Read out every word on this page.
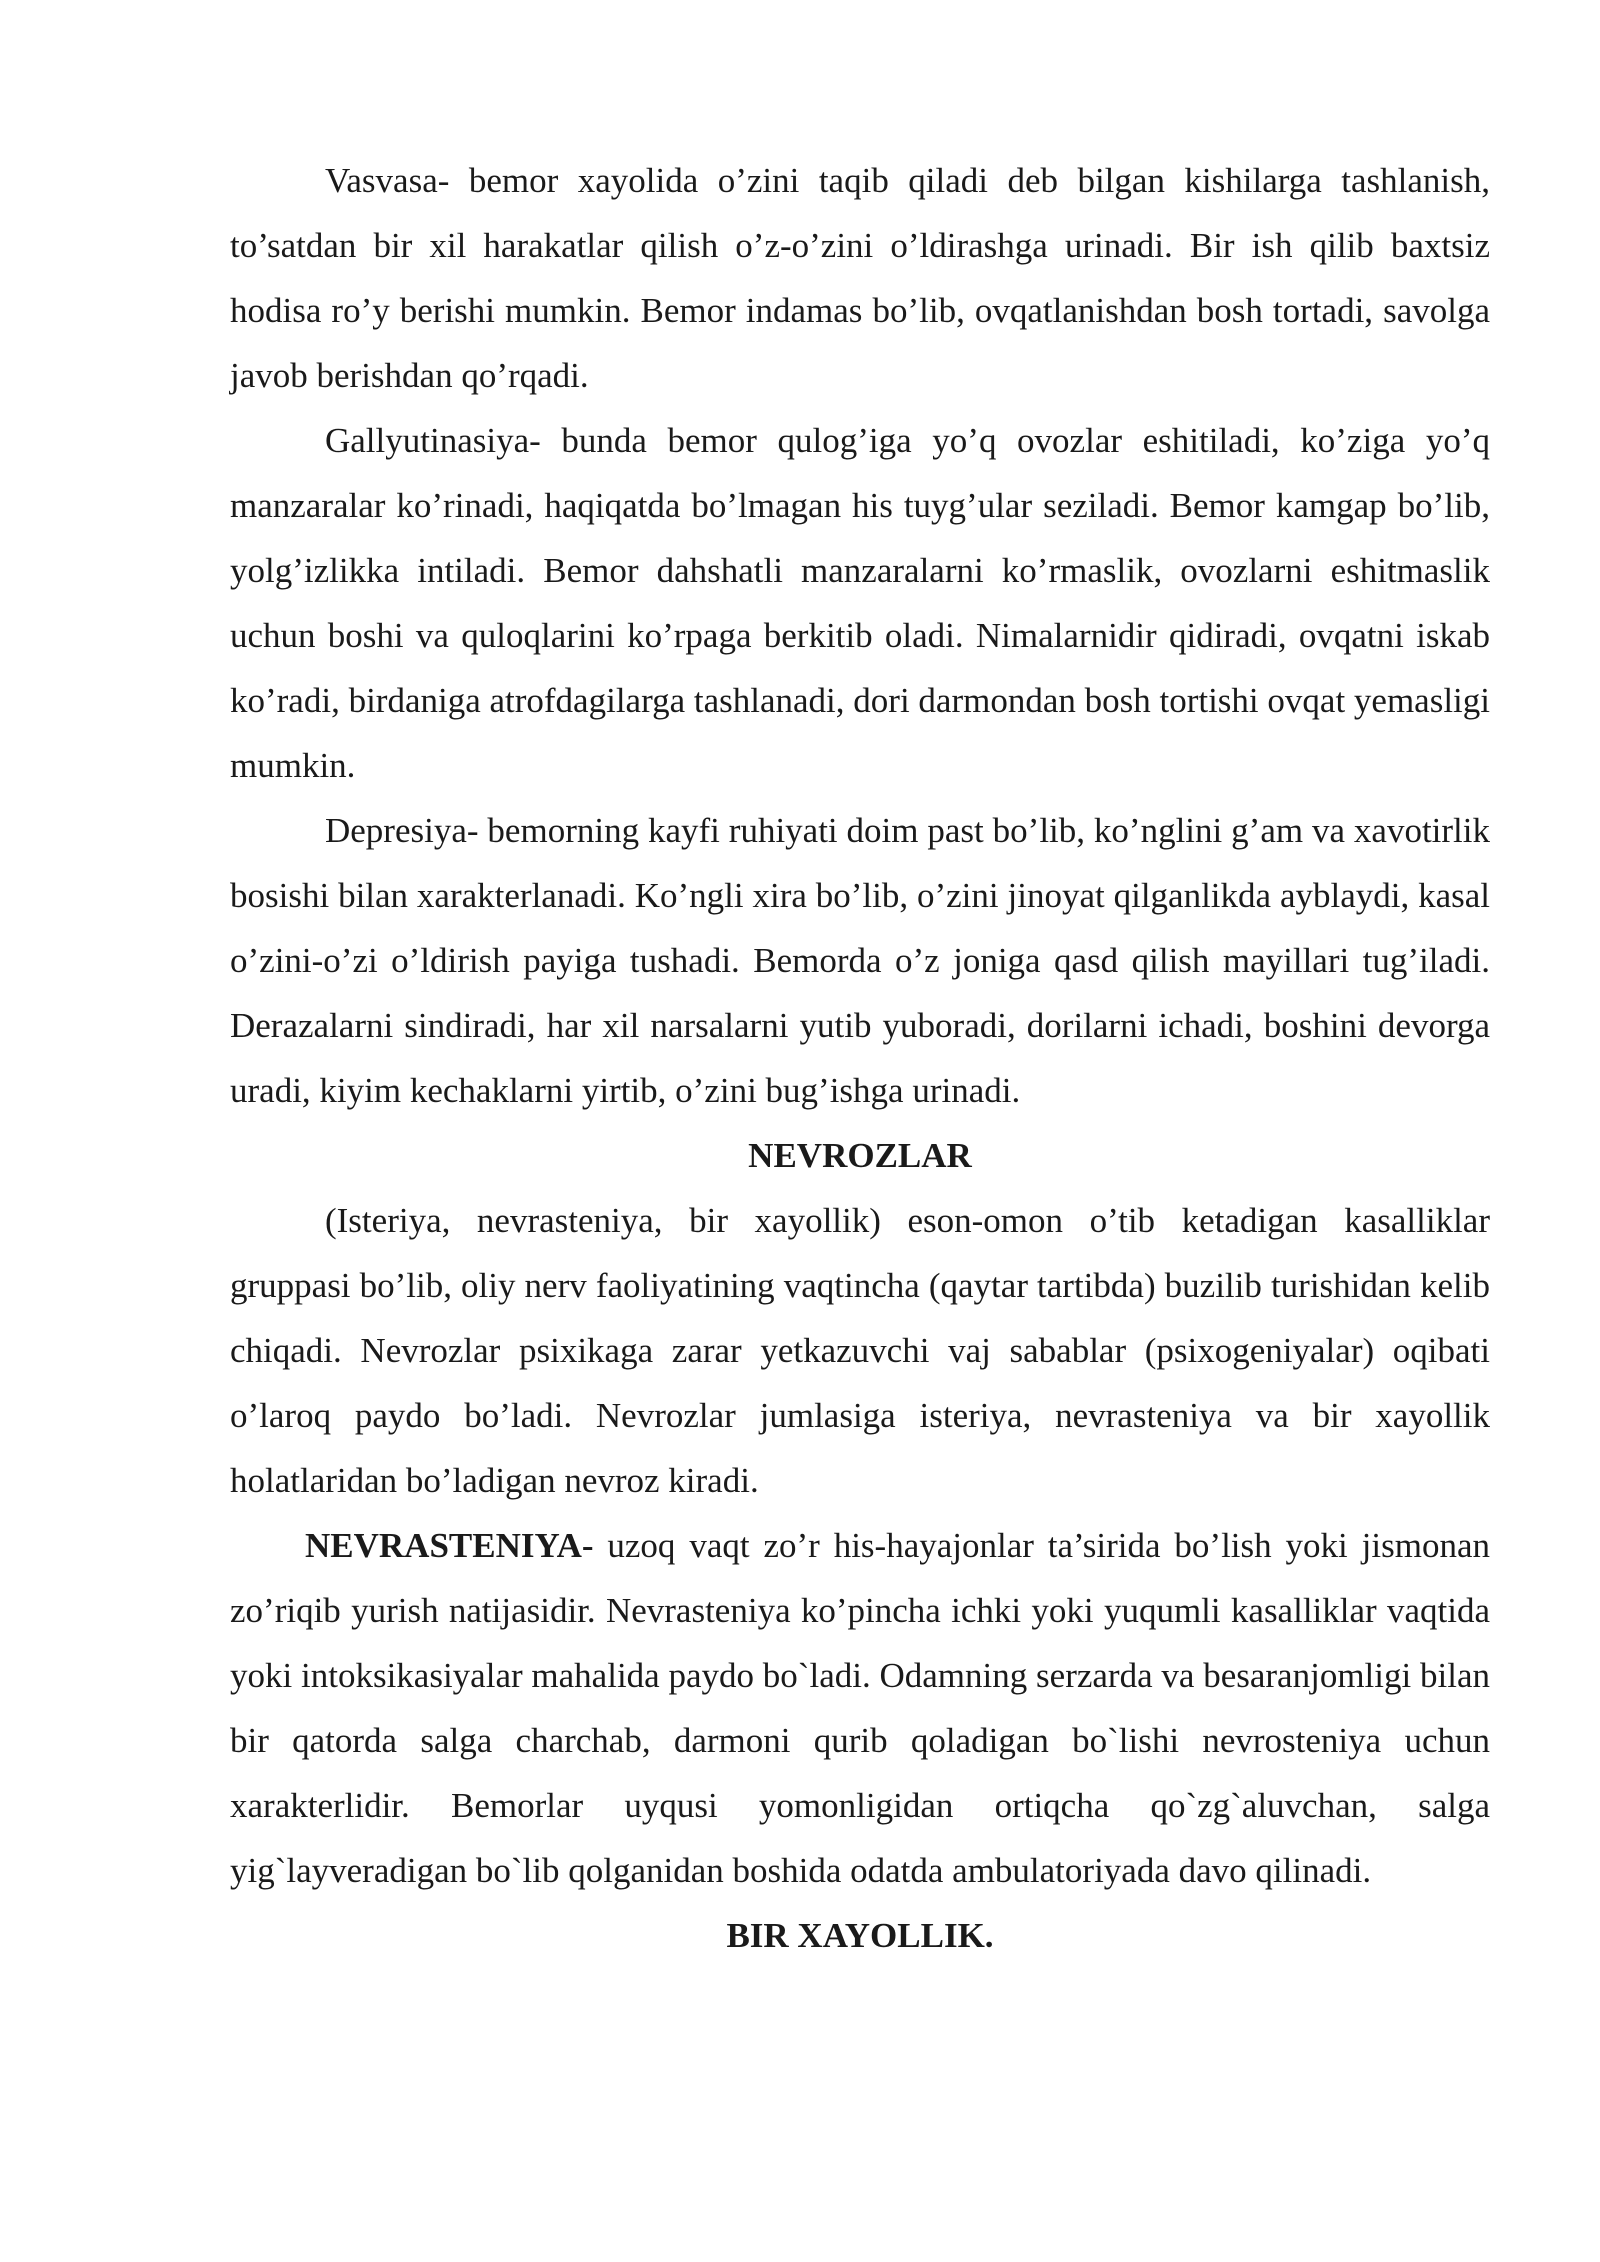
Vasvasa- bemor xayolida o’zini taqib qiladi deb bilgan kishilarga tashlanish, to’satdan bir xil harakatlar qilish o’z-o’zini o’ldirashga urinadi. Bir ish qilib baxtsiz hodisa ro’y berishi mumkin. Bemor indamas bo’lib, ovqatlanishdan bosh tortadi, savolga javob berishdan qo’rqadi.

Gallyutinasiya- bunda bemor qulog’iga yo’q ovozlar eshitiladi, ko’ziga yo’q manzaralar ko’rinadi, haqiqatda bo’lmagan his tuyg’ular seziladi. Bemor kamgap bo’lib, yolg’izlikka intiladi. Bemor dahshatli manzaralarni ko’rmaslik, ovozlarni eshitmaslik uchun boshi va quloqlarini ko’rpaga berkitib oladi. Nimalarnidir qidiradi, ovqatni iskab ko’radi, birdaniga atrofdagilarga tashlanadi, dori darmondan bosh tortishi ovqat yemasligi mumkin.

Depresiya- bemorning kayfi ruhiyati doim past bo’lib, ko’nglini g’am va xavotirlik bosishi bilan xarakterlanadi. Ko’ngli xira bo’lib, o’zini jinoyat qilganlikda ayblaydi, kasal o’zini-o’zi o’ldirish payiga tushadi. Bemorda o’z joniga qasd qilish mayillari tug’iladi. Derazalarni sindiradi, har xil narsalarni yutib yuboradi, dorilarni ichadi, boshini devorga uradi, kiyim kechaklarni yirtib, o’zini bug’ishga urinadi.

NEVROZLAR

(Isteriya, nevrasteniya, bir xayollik) eson-omon o’tib ketadigan kasalliklar gruppasi bo’lib, oliy nerv faoliyatining vaqtincha (qaytar tartibda) buzilib turishidan kelib chiqadi. Nevrozlar psixikaga zarar yetkazuvchi vaj sabablar (psixogeniyalar) oqibati o’laroq paydo bo’ladi. Nevrozlar jumlasiga isteriya, nevrasteniya va bir xayollik holatlaridan bo’ladigan nevroz kiradi.

NEVRASTENIYA- uzoq vaqt zo’r his-hayajonlar ta’sirida bo’lish yoki jismonan zo’riqib yurish natijasidir. Nevrasteniya ko’pincha ichki yoki yuqumli kasalliklar vaqtida yoki intoksikasiyalar mahalida paydo bo`ladi. Odamning serzarda va besaranjomligi bilan bir qatorda salga charchab, darmoni qurib qoladigan bo`lishi nevrosteniya uchun xarakterlidir. Bemorlar uyqusi yomonligidan ortiqcha qo`zg`aluvchan, salga yig`layveradigan bo`lib qolganidan boshida odatda ambulatoriyada davo qilinadi.

BIR XAYOLLIK.
